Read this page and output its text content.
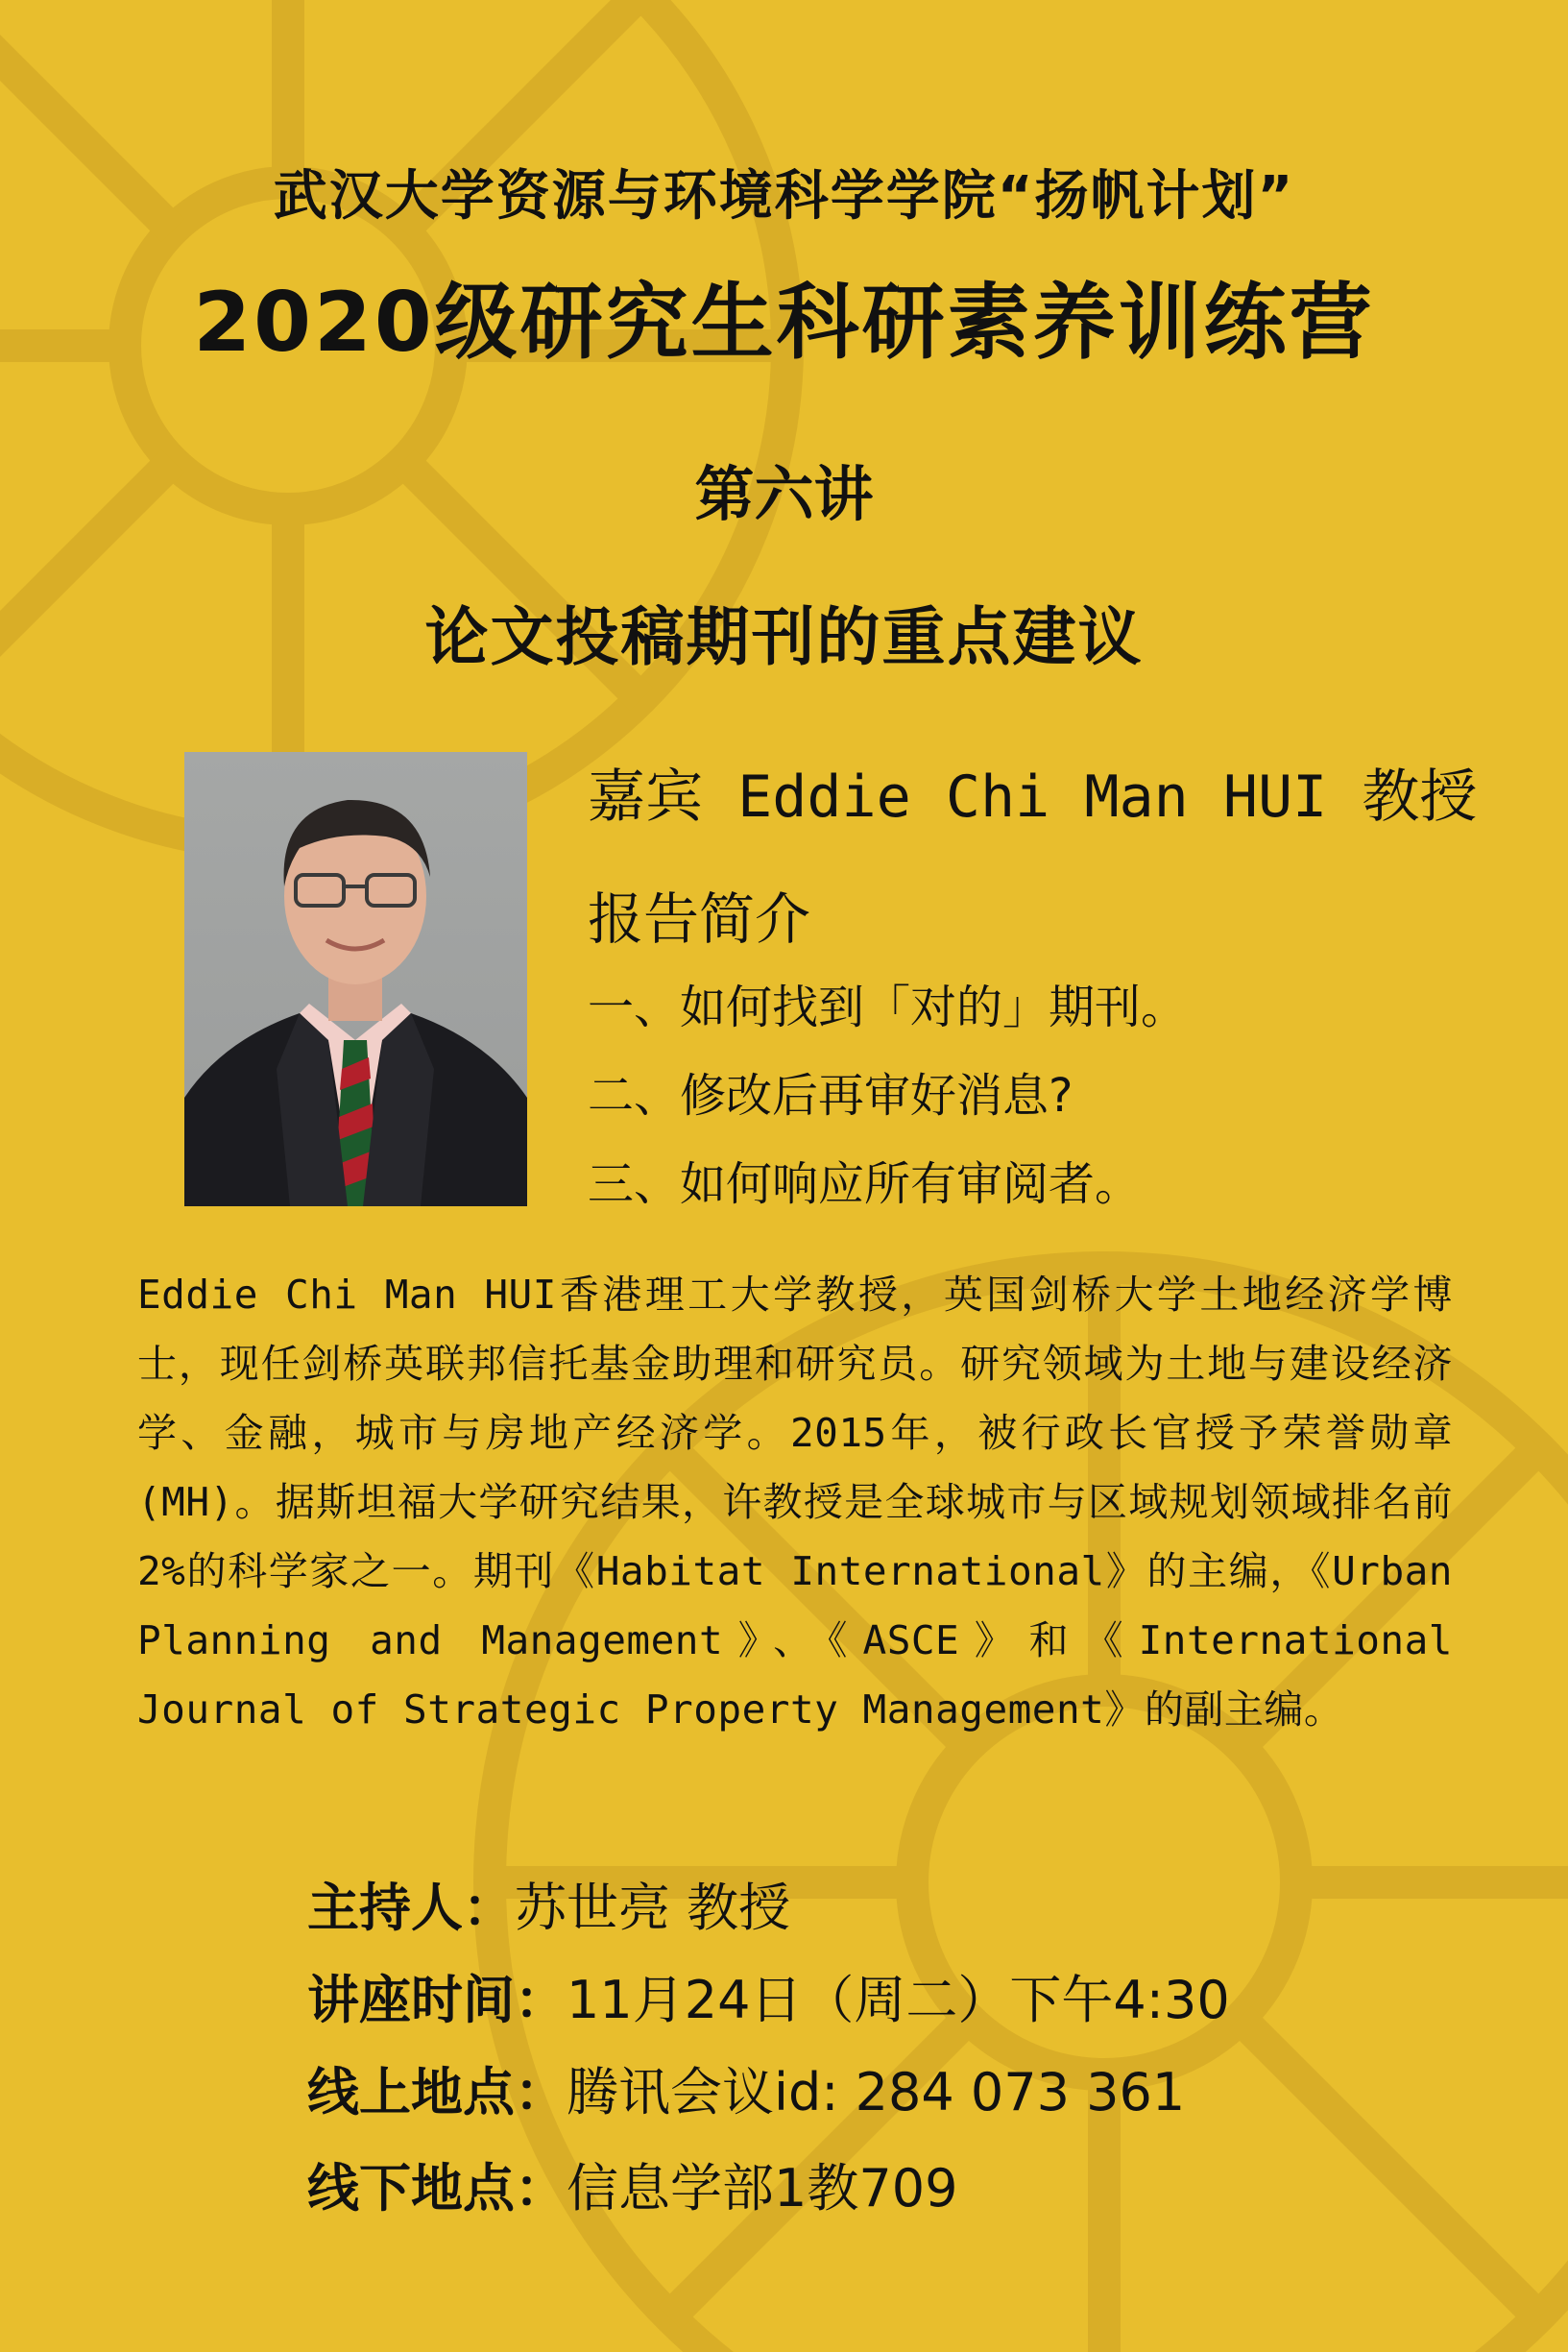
武汉大学资源与环境科学学院“扬帆计划”
2020级研究生科研素养训练营
第六讲
论文投稿期刊的重点建议
嘉宾 Eddie Chi Man HUI 教授
报告简介
一、如何找到「对的」期刊。
二、修改后再审好消息?
三、如何响应所有审阅者。
Eddie Chi Man HUI香港理工大学教授，英国剑桥大学土地经济学博士，现任剑桥英联邦信托基金助理和研究员。研究领域为土地与建设经济学、金融，城市与房地产经济学。2015年，被行政长官授予荣誉勋章(MH)。据斯坦福大学研究结果，许教授是全球城市与区域规划领域排名前2%的科学家之一。期刊《Habitat International》的主编，《Urban Planning and Management》、《ASCE》和《International Journal of Strategic Property Management》的副主编。
主持人：苏世亮 教授
讲座时间：11月24日（周二）下午4:30
线上地点：腾讯会议id: 284 073 361
线下地点：信息学部1教709
